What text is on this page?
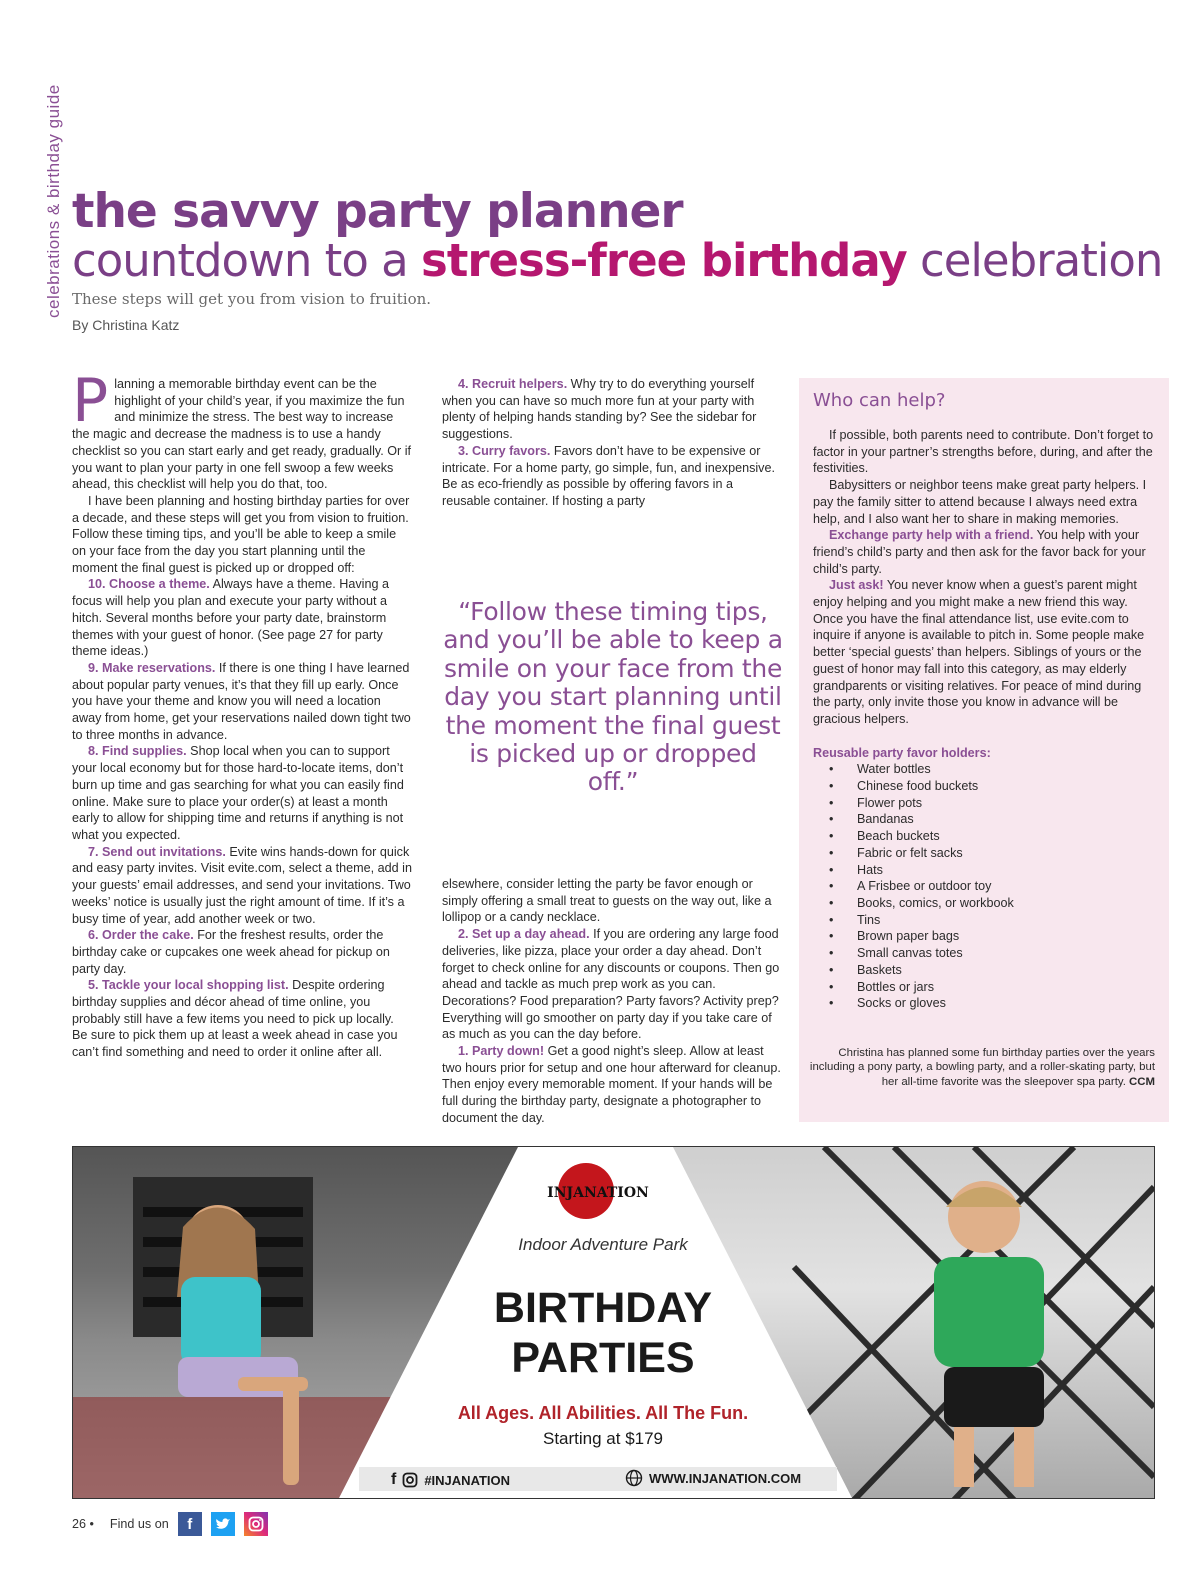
celebrations & birthday guide the savvy party planner
countdown to a stress-free birthday celebration
These steps will get you from vision to fruition.
By Christina Katz

Planning a memorable birthday event can be the highlight of your child’s year, if you maximize the fun and minimize the stress. The best way to increase the magic and decrease the madness is to use a handy checklist so you can start early and get ready, gradually. Or if you want to plan your party in one fell swoop a few weeks ahead, this checklist will help you do that, too.

I have been planning and hosting birthday parties for over a decade, and these steps will get you from vision to fruition. Follow these timing tips, and you’ll be able to keep a smile on your face from the day you start planning until the moment the final guest is picked up or dropped off:

10. Choose a theme. Always have a theme. Having a focus will help you plan and execute your party without a hitch. Several months before your party date, brainstorm themes with your guest of honor. (See page 27 for party theme ideas.)

9. Make reservations. If there is one thing I have learned about popular party venues, it’s that they fill up early. Once you have your theme and know you will need a location away from home, get your reservations nailed down tight two to three months in advance.

8. Find supplies. Shop local when you can to support your local economy but for those hard-to-locate items, don’t burn up time and gas searching for what you can easily find online. Make sure to place your order(s) at least a month early to allow for shipping time and returns if anything is not what you expected.

7. Send out invitations. Evite wins hands-down for quick and easy party invites. Visit evite.com, select a theme, add in your guests’ email addresses, and send your invitations. Two weeks’ notice is usually just the right amount of time. If it’s a busy time of year, add another week or two.

6. Order the cake. For the freshest results, order the birthday cake or cupcakes one week ahead for pickup on party day.

5. Tackle your local shopping list. Despite ordering birthday supplies and décor ahead of time online, you probably still have a few items you need to pick up locally. Be sure to pick them up at least a week ahead in case you can’t find something and need to order it online after all.

4. Recruit helpers. Why try to do everything yourself when you can have so much more fun at your party with plenty of helping hands standing by? See the sidebar for suggestions.

3. Curry favors. Favors don’t have to be expensive or intricate. For a home party, go simple, fun, and inexpensive. Be as eco-friendly as possible by offering favors in a reusable container. If hosting a party

“Follow these timing tips, and you’ll be able to keep a smile on your face from the day you start planning until the moment the final guest is picked up or dropped off.”

elsewhere, consider letting the party be favor enough or simply offering a small treat to guests on the way out, like a lollipop or a candy necklace.

2. Set up a day ahead. If you are ordering any large food deliveries, like pizza, place your order a day ahead. Don’t forget to check online for any discounts or coupons. Then go ahead and tackle as much prep work as you can. Decorations? Food preparation? Party favors? Activity prep? Everything will go smoother on party day if you take care of as much as you can the day before.

1. Party down! Get a good night’s sleep. Allow at least two hours prior for setup and one hour afterward for cleanup. Then enjoy every memorable moment. If your hands will be full during the birthday party, designate a photographer to document the day.

Who can help?

If possible, both parents need to contribute. Don’t forget to factor in your partner’s strengths before, during, and after the festivities.

Babysitters or neighbor teens make great party helpers. I pay the family sitter to attend because I always need extra help, and I also want her to share in making memories.

Exchange party help with a friend. You help with your friend’s child’s party and then ask for the favor back for your child’s party.

Just ask! You never know when a guest’s parent might enjoy helping and you might make a new friend this way. Once you have the final attendance list, use evite.com to inquire if anyone is available to pitch in. Some people make better ‘special guests’ than helpers. Siblings of yours or the guest of honor may fall into this category, as may elderly grandparents or visiting relatives. For peace of mind during the party, only invite those you know in advance will be gracious helpers.

Reusable party favor holders:
• Water bottles
• Chinese food buckets
• Flower pots
• Bandanas
• Beach buckets
• Fabric or felt sacks
• Hats
• A Frisbee or outdoor toy
• Books, comics, or workbook
• Tins
• Brown paper bags
• Small canvas totes
• Baskets
• Bottles or jars
• Socks or gloves
Christina has planned some fun birthday parties over the years including a pony party, a bowling party, and a roller-skating party, but her all-time favorite was the sleepover spa party. CCM
INJANATION
Indoor Adventure Park
BIRTHDAY
PARTIES
All Ages. All Abilities. All The Fun.
Starting at $179
f #INJANATION	WWW.INJANATION.COM
26 • Find us on	f
